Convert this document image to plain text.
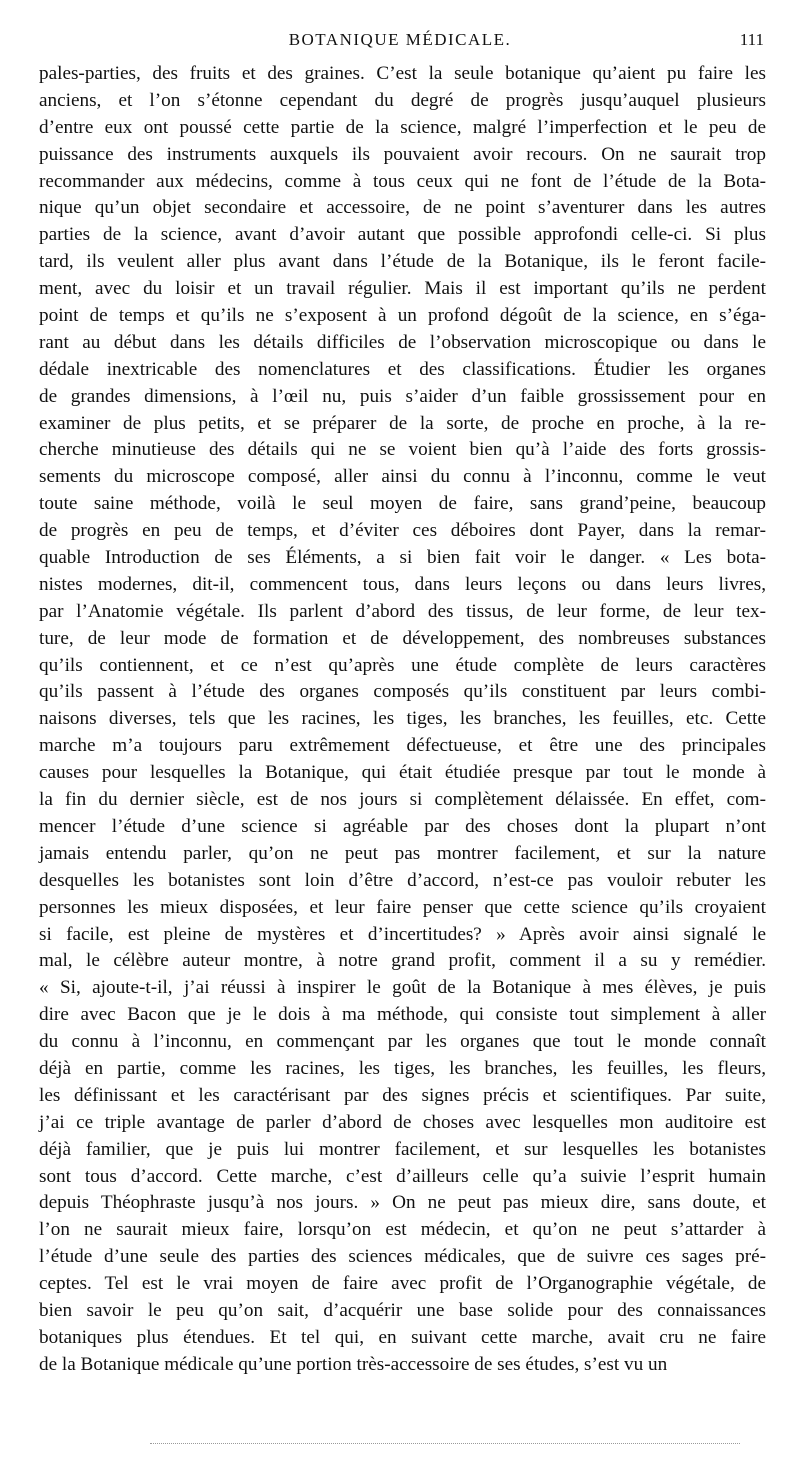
BOTANIQUE MÉDICALE.	111
pales-parties, des fruits et des graines. C’est la seule botanique qu’aient pu faire les
anciens, et l’on s’étonne cependant du degré de progrès jusqu’auquel plusieurs
d’entre eux ont poussé cette partie de la science, malgré l’imperfection et le peu de
puissance des instruments auxquels ils pouvaient avoir recours. On ne saurait trop
recommander aux médecins, comme à tous ceux qui ne font de l’étude de la Bota-
nique qu’un objet secondaire et accessoire, de ne point s’aventurer dans les autres
parties de la science, avant d’avoir autant que possible approfondi celle-ci. Si plus
tard, ils veulent aller plus avant dans l’étude de la Botanique, ils le feront facile-
ment, avec du loisir et un travail régulier. Mais il est important qu’ils ne perdent
point de temps et qu’ils ne s’exposent à un profond dégoût de la science, en s’éga-
rant au début dans les détails difficiles de l’observation microscopique ou dans le
dédale inextricable des nomenclatures et des classifications. Étudier les organes
de grandes dimensions, à l’œil nu, puis s’aider d’un faible grossissement pour en
examiner de plus petits, et se préparer de la sorte, de proche en proche, à la re-
cherche minutieuse des détails qui ne se voient bien qu’à l’aide des forts grossis-
sements du microscope composé, aller ainsi du connu à l’inconnu, comme le veut
toute saine méthode, voilà le seul moyen de faire, sans grand’peine, beaucoup
de progrès en peu de temps, et d’éviter ces déboires dont Payer, dans la remar-
quable Introduction de ses Éléments, a si bien fait voir le danger. « Les bota-
nistes modernes, dit-il, commencent tous, dans leurs leçons ou dans leurs livres,
par l’Anatomie végétale. Ils parlent d’abord des tissus, de leur forme, de leur tex-
ture, de leur mode de formation et de développement, des nombreuses substances
qu’ils contiennent, et ce n’est qu’après une étude complète de leurs caractères
qu’ils passent à l’étude des organes composés qu’ils constituent par leurs combi-
naisons diverses, tels que les racines, les tiges, les branches, les feuilles, etc. Cette
marche m’a toujours paru extrêmement défectueuse, et être une des principales
causes pour lesquelles la Botanique, qui était étudiée presque par tout le monde à
la fin du dernier siècle, est de nos jours si complètement délaissée. En effet, com-
mencer l’étude d’une science si agréable par des choses dont la plupart n’ont
jamais entendu parler, qu’on ne peut pas montrer facilement, et sur la nature
desquelles les botanistes sont loin d’être d’accord, n’est-ce pas vouloir rebuter les
personnes les mieux disposées, et leur faire penser que cette science qu’ils croyaient
si facile, est pleine de mystères et d’incertitudes? » Après avoir ainsi signalé le
mal, le célèbre auteur montre, à notre grand profit, comment il a su y remédier.
« Si, ajoute-t-il, j’ai réussi à inspirer le goût de la Botanique à mes élèves, je puis
dire avec Bacon que je le dois à ma méthode, qui consiste tout simplement à aller
du connu à l’inconnu, en commençant par les organes que tout le monde connaît
déjà en partie, comme les racines, les tiges, les branches, les feuilles, les fleurs,
les définissant et les caractérisant par des signes précis et scientifiques. Par suite,
j’ai ce triple avantage de parler d’abord de choses avec lesquelles mon auditoire est
déjà familier, que je puis lui montrer facilement, et sur lesquelles les botanistes
sont tous d’accord. Cette marche, c’est d’ailleurs celle qu’a suivie l’esprit humain
depuis Théophraste jusqu’à nos jours. » On ne peut pas mieux dire, sans doute, et
l’on ne saurait mieux faire, lorsqu’on est médecin, et qu’on ne peut s’attarder à
l’étude d’une seule des parties des sciences médicales, que de suivre ces sages pré-
ceptes. Tel est le vrai moyen de faire avec profit de l’Organographie végétale, de
bien savoir le peu qu’on sait, d’acquérir une base solide pour des connaissances
botaniques plus étendues. Et tel qui, en suivant cette marche, avait cru ne faire
de la Botanique médicale qu’une portion très-accessoire de ses études, s’est vu un
